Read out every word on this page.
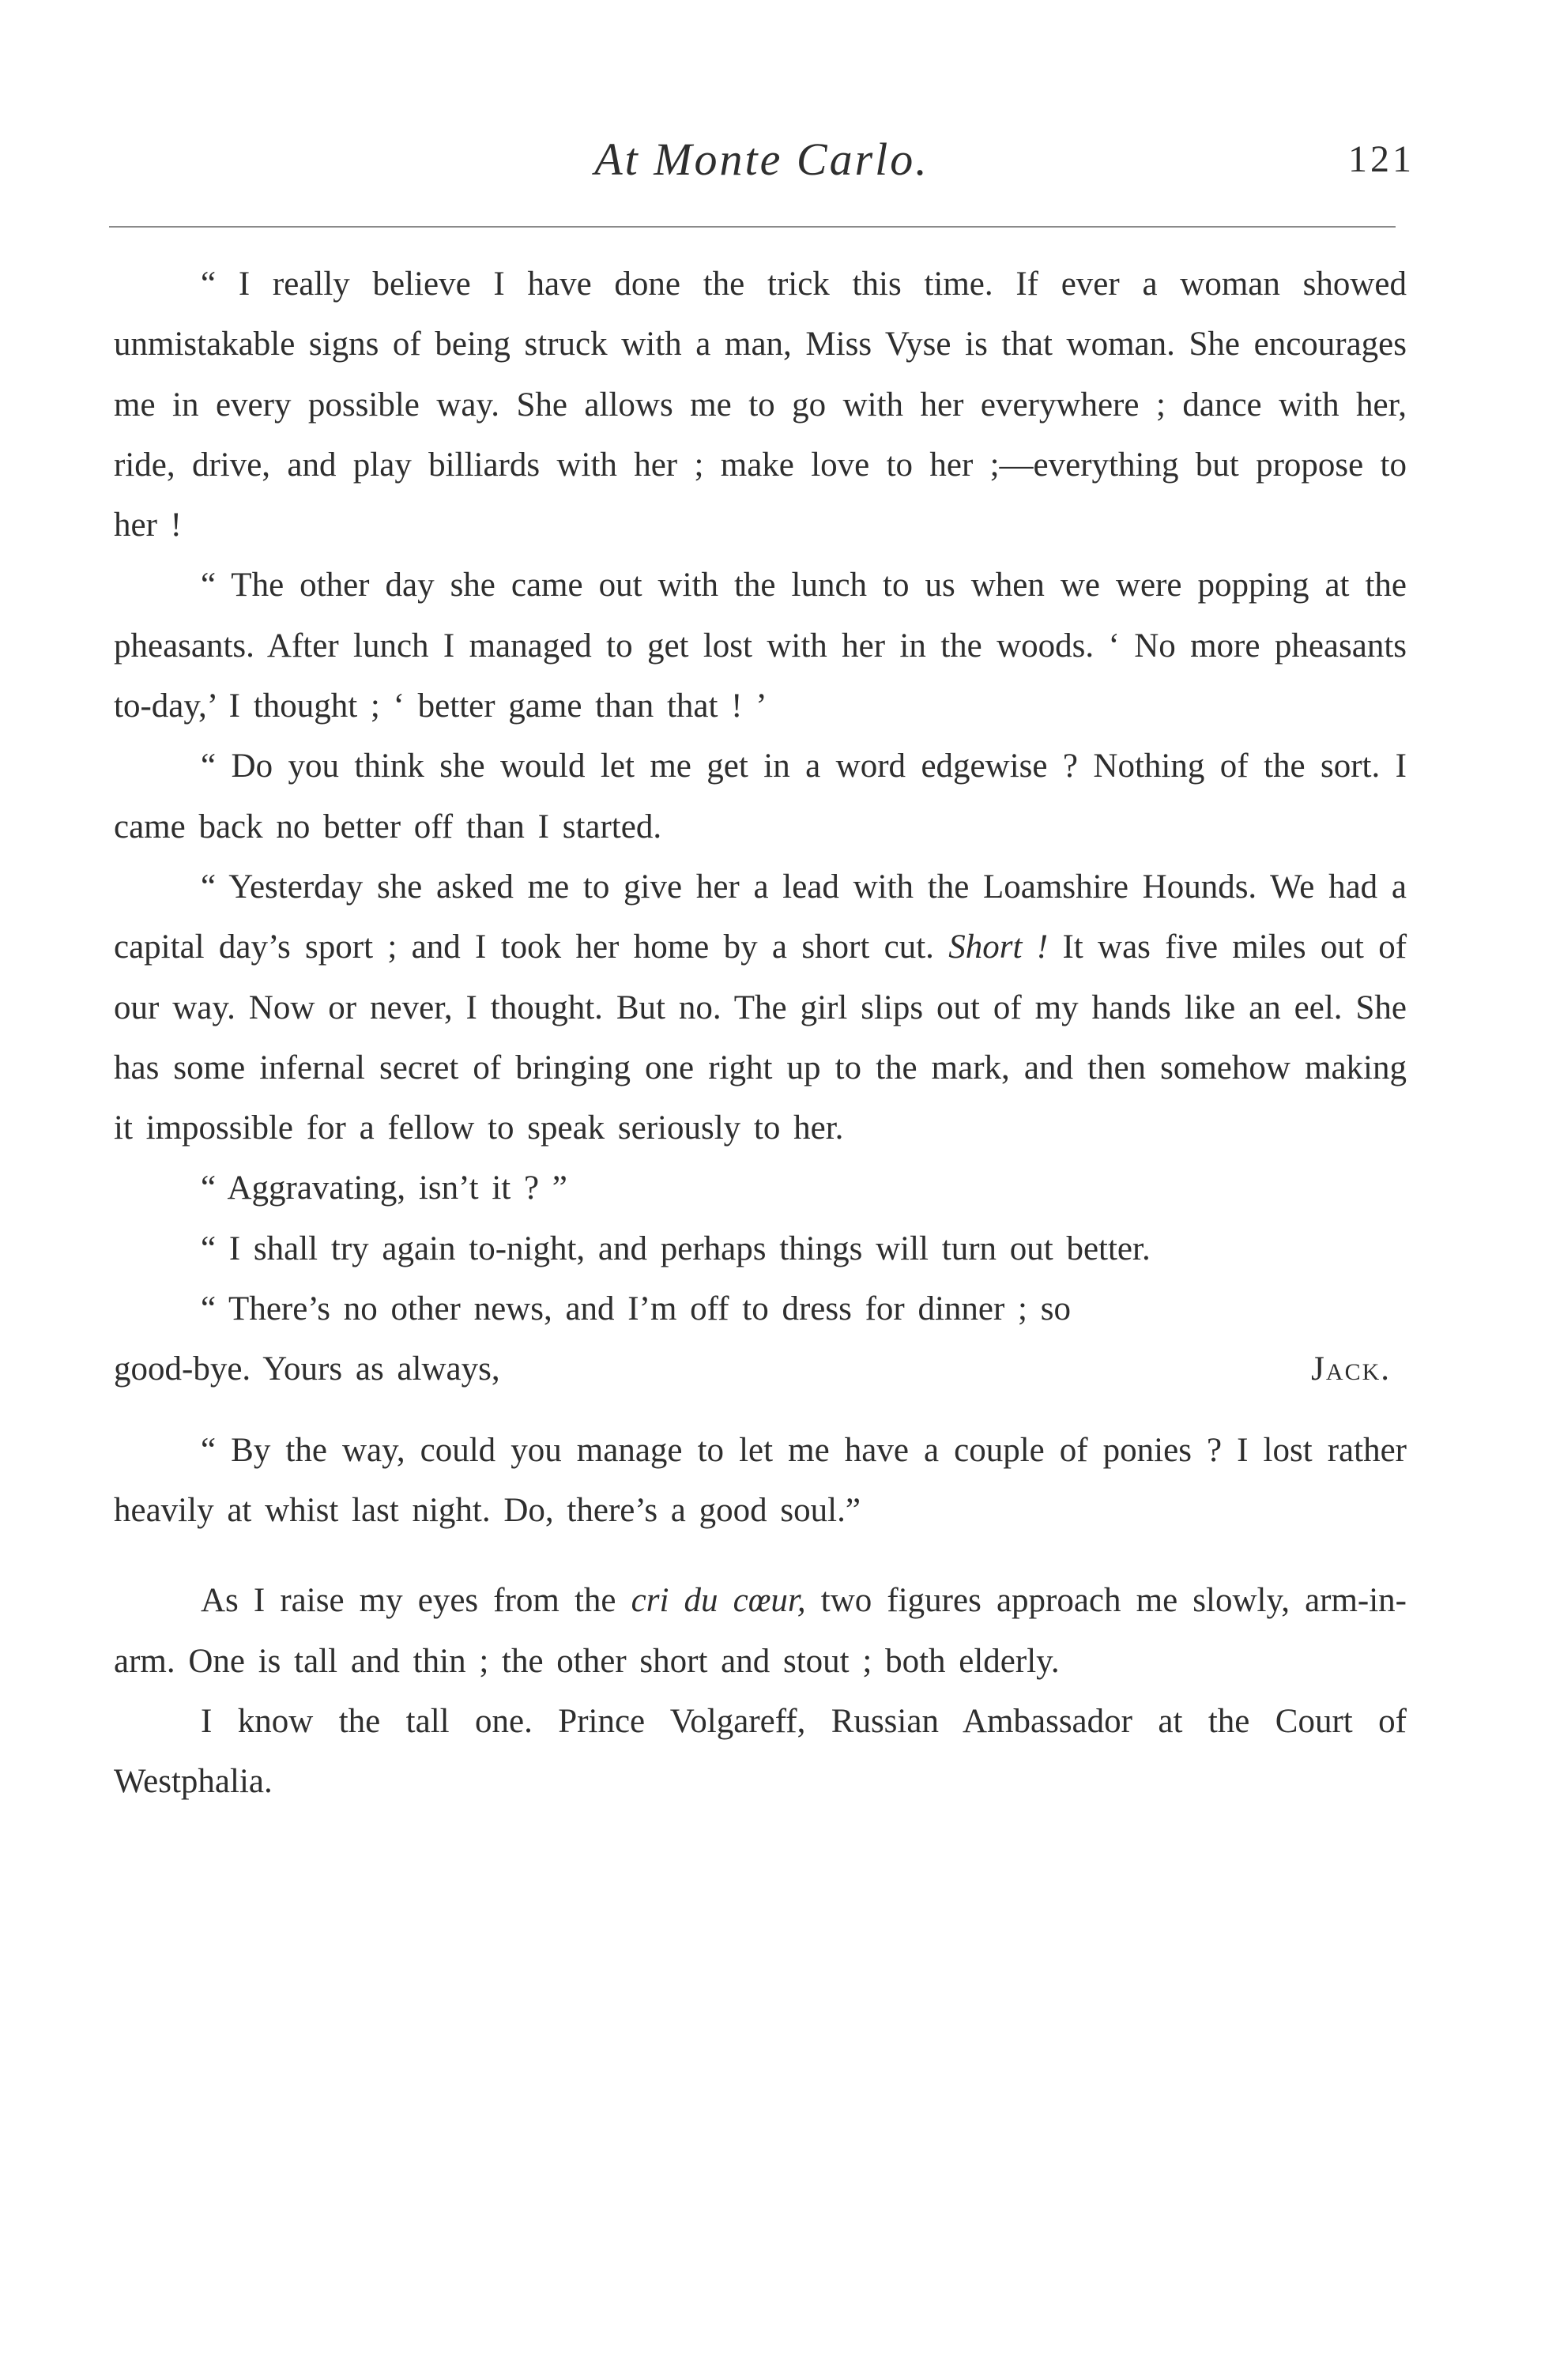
At Monte Carlo.	121

“ I really believe I have done the trick this time. If ever a woman showed unmistakable signs of being struck with a man, Miss Vyse is that woman. She encourages me in every possible way. She allows me to go with her everywhere ; dance with her, ride, drive, and play billiards with her ; make love to her ;—everything but propose to her !

“ The other day she came out with the lunch to us when we were popping at the pheasants. After lunch I managed to get lost with her in the woods. ‘ No more pheasants to-day,’ I thought ; ‘ better game than that ! ’

“ Do you think she would let me get in a word edgewise ? Nothing of the sort. I came back no better off than I started.

“ Yesterday she asked me to give her a lead with the Loamshire Hounds. We had a capital day’s sport ; and I took her home by a short cut. Short ! It was five miles out of our way. Now or never, I thought. But no. The girl slips out of my hands like an eel. She has some infernal secret of bringing one right up to the mark, and then somehow making it impossible for a fellow to speak seriously to her.

“ Aggravating, isn’t it ? ”

“ I shall try again to-night, and perhaps things will turn out better.

“ There’s no other news, and I’m off to dress for dinner ; so

good-bye. Yours as always,	Jack.

“ By the way, could you manage to let me have a couple of ponies ? I lost rather heavily at whist last night. Do, there’s a good soul.”

As I raise my eyes from the cri du cœur, two figures approach me slowly, arm-in-arm. One is tall and thin ; the other short and stout ; both elderly.

I know the tall one. Prince Volgareff, Russian Ambassador at the Court of Westphalia.
